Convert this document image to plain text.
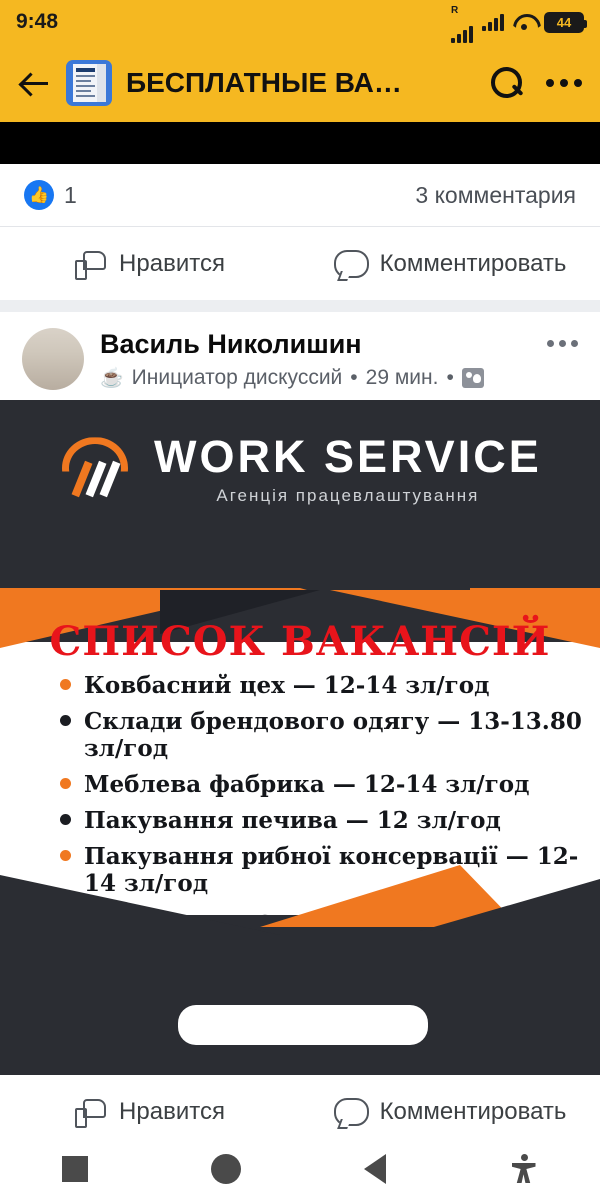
9:48	$^R$
44
БЕСПЛАТНЫЕ ВА…
👍 1	3 комментария
Нравится	Комментировать
Василь Николишин
☕ Инициатор дискуссий • 29 мин. •
WORK SERVICE
Агенція працевлаштування
СПИСОК ВАКАНСІЙ
Ковбасний цех — 12-14 зл/год
Склади брендового одягу — 13-13.80 зл/год
Меблева фабрика — 12-14 зл/год
Пакування печива — 12 зл/год
Пакування рибної консервації — 12-14 зл/год
Нравится	Комментировать
